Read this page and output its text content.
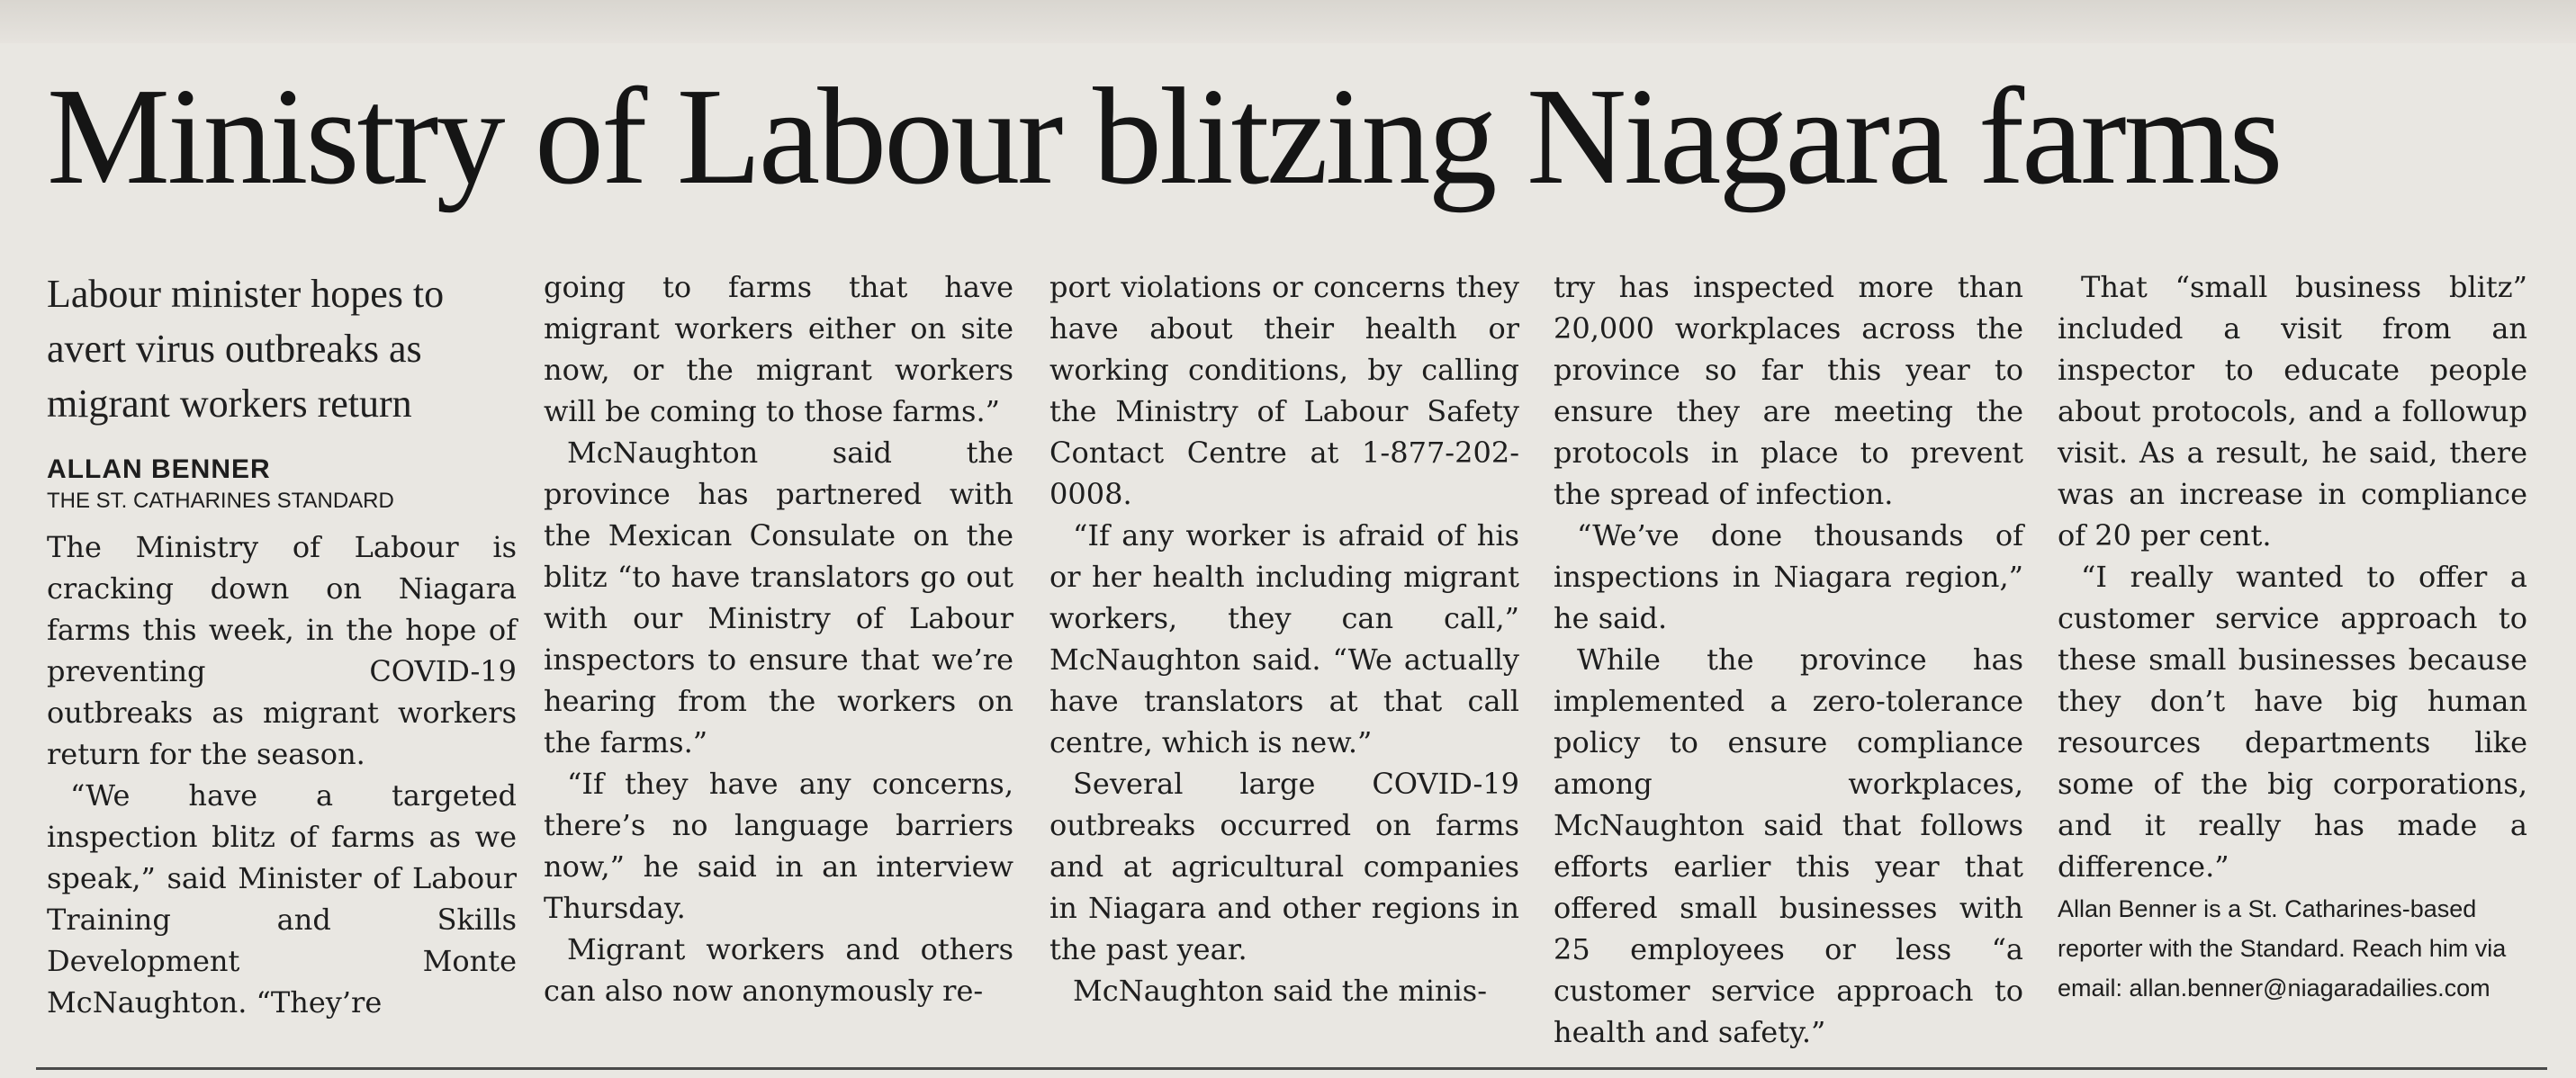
Ministry of Labour blitzing Niagara farms
Labour minister hopes to avert virus outbreaks as migrant workers return
ALLAN BENNER
THE ST. CATHARINES STANDARD

The Ministry of Labour is cracking down on Niagara farms this week, in the hope of preventing COVID-19 outbreaks as migrant workers return for the season.

“We have a targeted inspection blitz of farms as we speak,” said Minister of Labour Training and Skills Development Monte McNaughton. “They’re

going to farms that have migrant workers either on site now, or the migrant workers will be coming to those farms.”

McNaughton said the province has partnered with the Mexican Consulate on the blitz “to have translators go out with our Ministry of Labour inspectors to ensure that we’re hearing from the workers on the farms.”

“If they have any concerns, there’s no language barriers now,” he said in an interview Thursday.

Migrant workers and others can also now anonymously re-

port violations or concerns they have about their health or working conditions, by calling the Ministry of Labour Safety Contact Centre at 1-877-202-0008.

“If any worker is afraid of his or her health including migrant workers, they can call,” McNaughton said. “We actually have translators at that call centre, which is new.”

Several large COVID-19 outbreaks occurred on farms and at agricultural companies in Niagara and other regions in the past year.

McNaughton said the minis-

try has inspected more than 20,000 workplaces across the province so far this year to ensure they are meeting the protocols in place to prevent the spread of infection.

“We’ve done thousands of inspections in Niagara region,” he said.

While the province has implemented a zero-tolerance policy to ensure compliance among workplaces, McNaughton said that follows efforts earlier this year that offered small businesses with 25 employees or less “a customer service approach to health and safety.”

That “small business blitz” included a visit from an inspector to educate people about protocols, and a followup visit. As a result, he said, there was an increase in compliance of 20 per cent.

“I really wanted to offer a customer service approach to these small businesses because they don’t have big human resources departments like some of the big corporations, and it really has made a difference.”

Allan Benner is a St. Catharines-based reporter with the Standard. Reach him via email: allan.benner@niagaradailies.com
